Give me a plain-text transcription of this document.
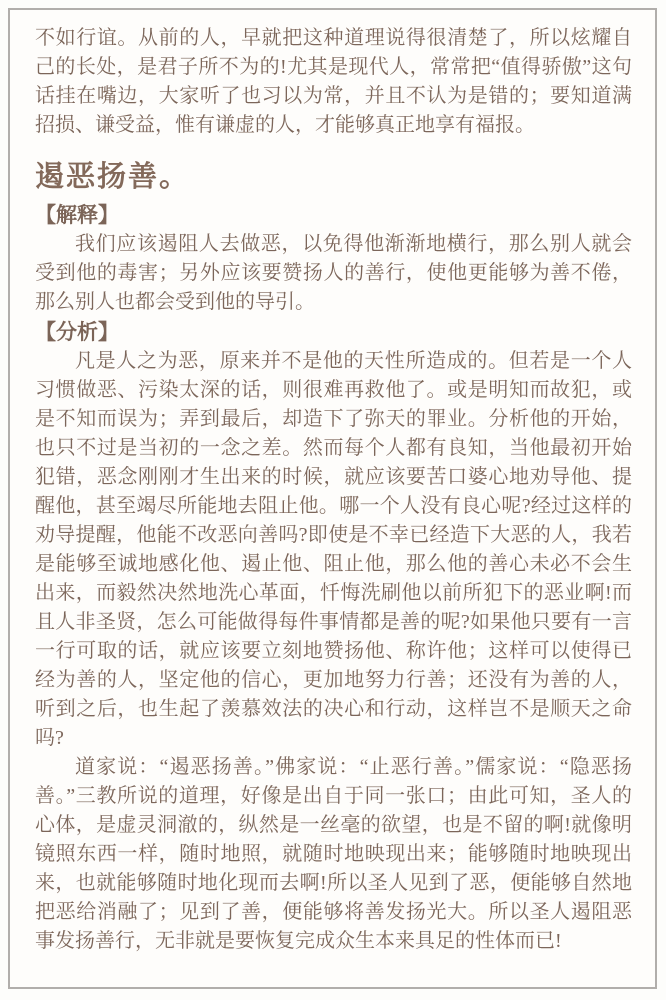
不如行谊。从前的人，早就把这种道理说得很清楚了，所以炫耀自己的长处，是君子所不为的!尤其是现代人，常常把“值得骄傲”这句话挂在嘴边，大家听了也习以为常，并且不认为是错的；要知道满招损、谦受益，惟有谦虚的人，才能够真正地享有福报。

遏恶扬善。
【解释】

我们应该遏阻人去做恶，以免得他渐渐地横行，那么别人就会受到他的毒害；另外应该要赞扬人的善行，使他更能够为善不倦，那么别人也都会受到他的导引。

【分析】

凡是人之为恶，原来并不是他的天性所造成的。但若是一个人习惯做恶、污染太深的话，则很难再救他了。或是明知而故犯，或是不知而误为；弄到最后，却造下了弥天的罪业。分析他的开始，也只不过是当初的一念之差。然而每个人都有良知，当他最初开始犯错，恶念刚刚才生出来的时候，就应该要苦口婆心地劝导他、提醒他，甚至竭尽所能地去阻止他。哪一个人没有良心呢?经过这样的劝导提醒，他能不改恶向善吗?即使是不幸已经造下大恶的人，我若是能够至诚地感化他、遏止他、阻止他，那么他的善心未必不会生出来，而毅然决然地洗心革面，忏悔洗刷他以前所犯下的恶业啊!而且人非圣贤，怎么可能做得每件事情都是善的呢?如果他只要有一言一行可取的话，就应该要立刻地赞扬他、称许他；这样可以使得已经为善的人，坚定他的信心，更加地努力行善；还没有为善的人，听到之后，也生起了羡慕效法的决心和行动，这样岂不是顺天之命吗?

道家说：“遏恶扬善。”佛家说：“止恶行善。”儒家说：“隐恶扬善。”三教所说的道理，好像是出自于同一张口；由此可知，圣人的心体，是虚灵洞澈的，纵然是一丝毫的欲望，也是不留的啊!就像明镜照东西一样，随时地照，就随时地映现出来；能够随时地映现出来，也就能够随时地化现而去啊!所以圣人见到了恶，便能够自然地把恶给消融了；见到了善，便能够将善发扬光大。所以圣人遏阻恶事发扬善行，无非就是要恢复完成众生本来具足的性体而已!
